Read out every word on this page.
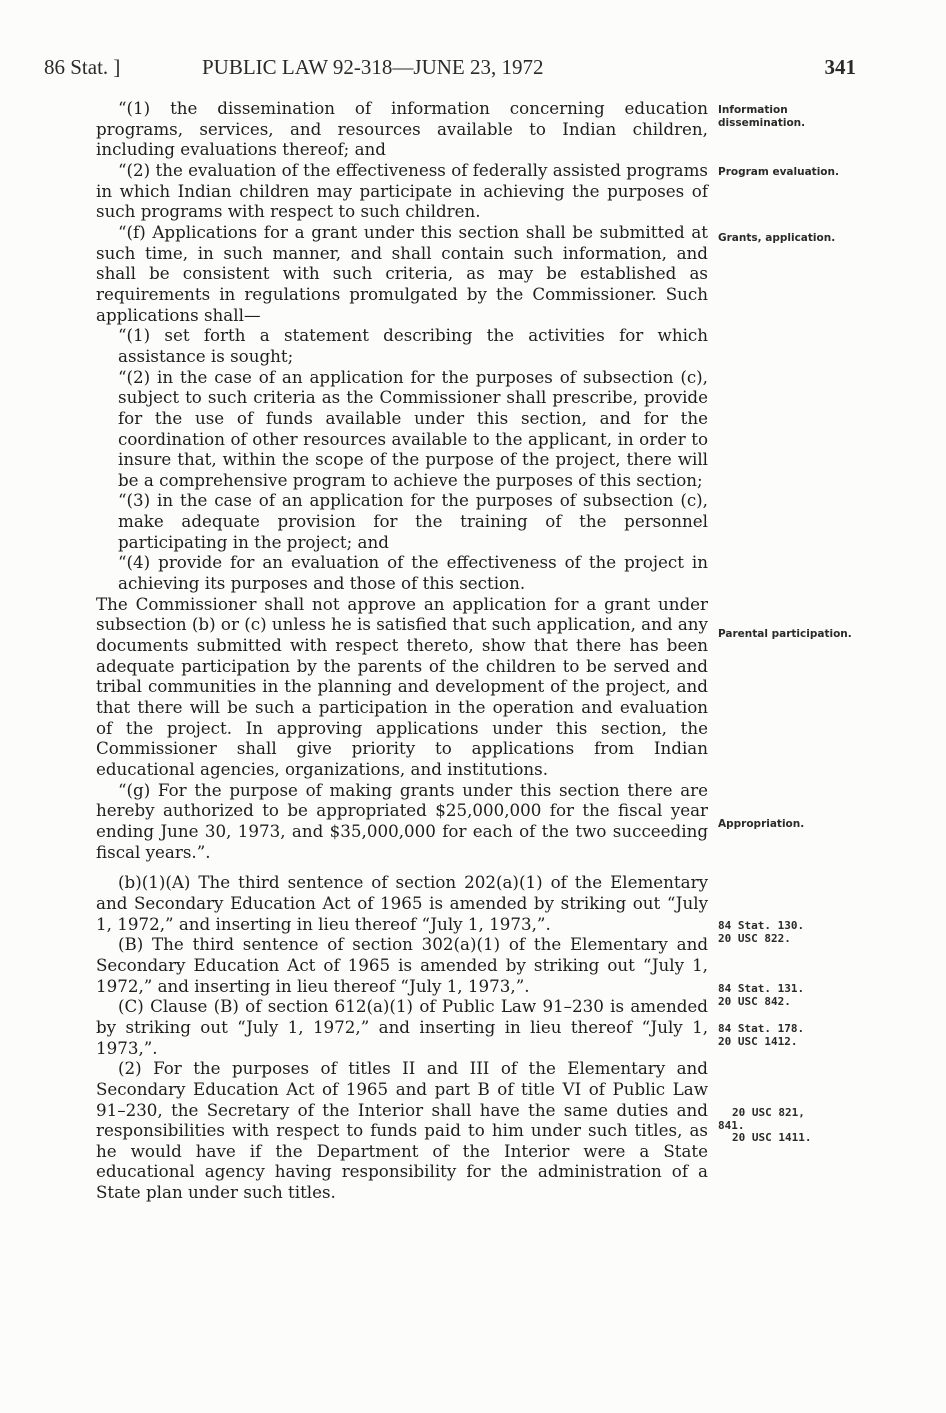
86 Stat. ]	PUBLIC LAW 92-318—JUNE 23, 1972	341

“(1) the dissemination of information concerning education programs, services, and resources available to Indian children, including evaluations thereof; and

“(2) the evaluation of the effectiveness of federally assisted programs in which Indian children may participate in achieving the purposes of such programs with respect to such children.

“(f) Applications for a grant under this section shall be submitted at such time, in such manner, and shall contain such information, and shall be consistent with such criteria, as may be established as requirements in regulations promulgated by the Commissioner. Such applications shall—

“(1) set forth a statement describing the activities for which assistance is sought;

“(2) in the case of an application for the purposes of subsection (c), subject to such criteria as the Commissioner shall prescribe, provide for the use of funds available under this section, and for the coordination of other resources available to the applicant, in order to insure that, within the scope of the purpose of the project, there will be a comprehensive program to achieve the purposes of this section;

“(3) in the case of an application for the purposes of subsection (c), make adequate provision for the training of the personnel participating in the project; and

“(4) provide for an evaluation of the effectiveness of the project in achieving its purposes and those of this section.

The Commissioner shall not approve an application for a grant under subsection (b) or (c) unless he is satisfied that such application, and any documents submitted with respect thereto, show that there has been adequate participation by the parents of the children to be served and tribal communities in the planning and development of the project, and that there will be such a participation in the operation and evaluation of the project. In approving applications under this section, the Commissioner shall give priority to applications from Indian educational agencies, organizations, and institutions.

“(g) For the purpose of making grants under this section there are hereby authorized to be appropriated $25,000,000 for the fiscal year ending June 30, 1973, and $35,000,000 for each of the two succeeding fiscal years.”.

(b)(1)(A) The third sentence of section 202(a)(1) of the Elementary and Secondary Education Act of 1965 is amended by striking out “July 1, 1972,” and inserting in lieu thereof “July 1, 1973,”.

(B) The third sentence of section 302(a)(1) of the Elementary and Secondary Education Act of 1965 is amended by striking out “July 1, 1972,” and inserting in lieu thereof “July 1, 1973,”.

(C) Clause (B) of section 612(a)(1) of Public Law 91–230 is amended by striking out “July 1, 1972,” and inserting in lieu thereof “July 1, 1973,”.

(2) For the purposes of titles II and III of the Elementary and Secondary Education Act of 1965 and part B of title VI of Public Law 91–230, the Secretary of the Interior shall have the same duties and responsibilities with respect to funds paid to him under such titles, as he would have if the Department of the Interior were a State educational agency having responsibility for the administration of a State plan under such titles.

Information dissemination.
Program evaluation.
Grants, application.
Parental participation.
Appropriation.
84 Stat. 130.
20 USC 822.
84 Stat. 131.
20 USC 842.
84 Stat. 178.
20 USC 1412.
20 USC 821,
841.
20 USC 1411.
